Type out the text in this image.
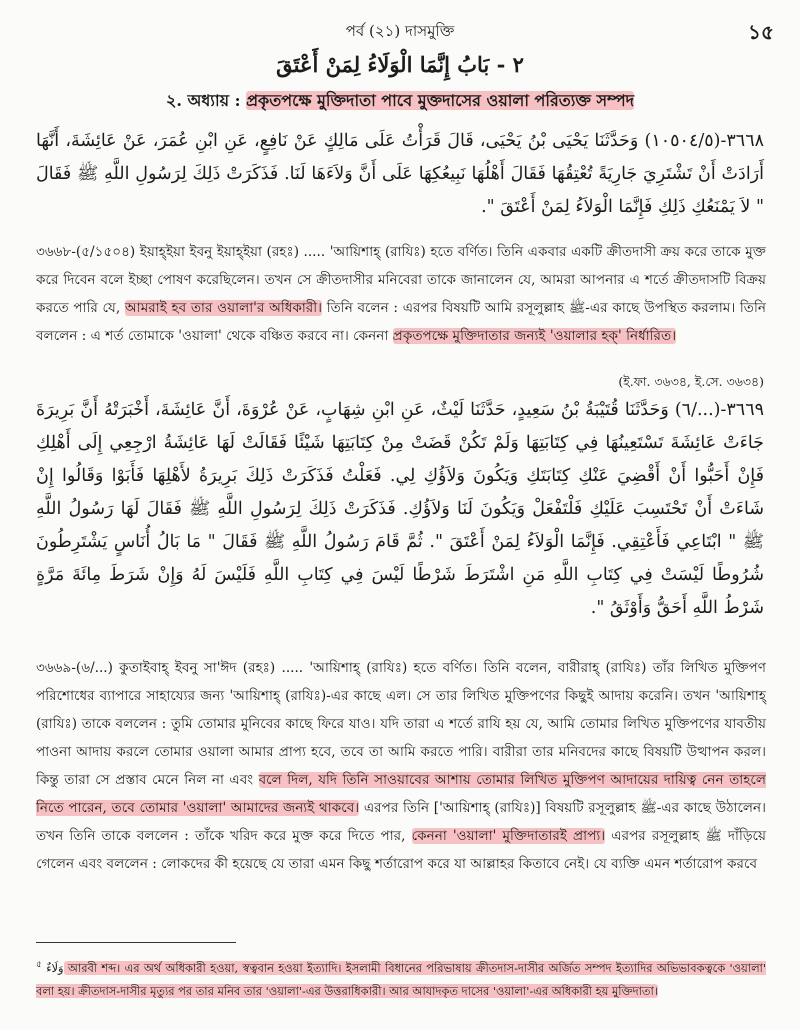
পর্ব (২১) দাসমুক্তি	১৫
٢ - بَابُ إِنَّمَا الْوَلَاءُ لِمَنْ أَعْتَقَ
২. অধ্যায় : প্রকৃতপক্ষে মুক্তিদাতা পাবে মুক্তদাসের ওয়ালা পরিত্যক্ত সম্পদ
٣٦٦٨-(١٠٥٠٤/٥) وَحَدَّثَنَا يَحْيَى بْنُ يَحْيَى، قَالَ قَرَأْتُ عَلَى مَالِكٍ عَنْ نَافِعٍ، عَنِ ابْنِ عُمَرَ، عَنْ عَائِشَةَ، أَنَّهَا أَرَادَتْ أَنْ تَشْتَرِيَ جَارِيَةً تُعْتِقُهَا فَقَالَ أَهْلُهَا نَبِيعُكِهَا عَلَى أَنَّ وَلاَءَهَا لَنَا. فَذَكَرَتْ ذَلِكَ لِرَسُولِ اللَّهِ ﷺ فَقَالَ " لاَ يَمْنَعُكِ ذَلِكِ فَإِنَّمَا الْوَلاَءُ لِمَنْ أَعْتَقَ ".
৩৬৬৮-(৫/১৫০৪) ইয়াহ্ইয়া ইবনু ইয়াহ্ইয়া (রহঃ) ..... 'আয়িশাহ্ (রাযিঃ) হতে বর্ণিত। তিনি একবার একটি ক্রীতদাসী ক্রয় করে তাকে মুক্ত করে দিবেন বলে ইচ্ছা পোষণ করেছিলেন। তখন সে ক্রীতদাসীর মনিবেরা তাকে জানালেন যে, আমরা আপনার এ শর্তে ক্রীতদাসটি বিক্রয় করতে পারি যে, আমরাই হব তার ওয়ালা'র অধিকারী। তিনি বলেন : এরপর বিষয়টি আমি রসূলুল্লাহ ﷺ-এর কাছে উপস্থিত করলাম। তিনি বললেন : এ শর্ত তোমাকে 'ওয়ালা' থেকে বঞ্চিত করবে না। কেননা প্রকৃতপক্ষে মুক্তিদাতার জন্যই 'ওয়ালার হক্' নির্ধারিত।
(ই.ফা. ৩৬৩৪, ই.সে. ৩৬৩৪)
٣٦٦٩-(.../٦) وَحَدَّثَنَا قُتَيْبَةُ بْنُ سَعِيدٍ، حَدَّثَنَا لَيْثٌ، عَنِ ابْنِ شِهَابٍ، عَنْ عُرْوَةَ، أَنَّ عَائِشَةَ، أَخْبَرَتْهُ أَنَّ بَرِيرَةَ جَاءَتْ عَائِشَةَ تَسْتَعِينُهَا فِي كِتَابَتِهَا وَلَمْ تَكُنْ قَضَتْ مِنْ كِتَابَتِهَا شَيْئًا فَقَالَتْ لَهَا عَائِشَةُ ارْجِعِي إِلَى أَهْلِكِ فَإِنْ أَحَبُّوا أَنْ أَقْضِيَ عَنْكِ كِتَابَتَكِ وَيَكُونَ وَلاَؤُكِ لِي. فَعَلْتُ فَذَكَرَتْ ذَلِكَ بَرِيرَةُ لأَهْلِهَا فَأَبَوْا وَقَالُوا إِنْ شَاءَتْ أَنْ تَحْتَسِبَ عَلَيْكِ فَلْتَفْعَلْ وَيَكُونَ لَنَا وَلاَؤُكِ. فَذَكَرَتْ ذَلِكَ لِرَسُولِ اللَّهِ ﷺ فَقَالَ لَهَا رَسُولُ اللَّهِ ﷺ " ابْتَاعِي فَأَعْتِقِي. فَإِنَّمَا الْوَلاَءُ لِمَنْ أَعْتَقَ ". ثُمَّ قَامَ رَسُولُ اللَّهِ ﷺ فَقَالَ " مَا بَالُ أُنَاسٍ يَشْتَرِطُونَ شُرُوطًا لَيْسَتْ فِي كِتَابِ اللَّهِ مَنِ اشْتَرَطَ شَرْطًا لَيْسَ فِي كِتَابِ اللَّهِ فَلَيْسَ لَهُ وَإِنْ شَرَطَ مِائَةَ مَرَّةٍ شَرْطُ اللَّهِ أَحَقُّ وَأَوْثَقُ ".
৩৬৬৯-(৬/...) কুতাইবাহ্ ইবনু সা'ঈদ (রহঃ) ..... 'আয়িশাহ্ (রাযিঃ) হতে বর্ণিত। তিনি বলেন, বারীরাহ্ (রাযিঃ) তাঁর লিখিত মুক্তিপণ পরিশোধের ব্যাপারে সাহায্যের জন্য 'আয়িশাহ্ (রাযিঃ)-এর কাছে এল। সে তার লিখিত মুক্তিপণের কিছুই আদায় করেনি। তখন 'আয়িশাহ্ (রাযিঃ) তাকে বললেন : তুমি তোমার মুনিবের কাছে ফিরে যাও। যদি তারা এ শর্তে রাযি হয় যে, আমি তোমার লিখিত মুক্তিপণের যাবতীয় পাওনা আদায় করলে তোমার ওয়ালা আমার প্রাপ্য হবে, তবে তা আমি করতে পারি। বারীরা তার মনিবদের কাছে বিষয়টি উত্থাপন করল। কিন্তু তারা সে প্রস্তাব মেনে নিল না এবং বলে দিল, যদি তিনি সাওয়াবের আশায় তোমার লিখিত মুক্তিপণ আদায়ের দায়িত্ব নেন তাহলে নিতে পারেন, তবে তোমার 'ওয়ালা' আমাদের জন্যই থাকবে। এরপর তিনি ['আয়িশাহ্ (রাযিঃ)] বিষয়টি রসূলুল্লাহ ﷺ-এর কাছে উঠালেন। তখন তিনি তাকে বললেন : তাঁকে খরিদ করে মুক্ত করে দিতে পার, কেননা 'ওয়ালা' মুক্তিদাতারই প্রাপ্য। এরপর রসূলুল্লাহ ﷺ দাঁড়িয়ে গেলেন এবং বললেন : লোকদের কী হয়েছে যে তারা এমন কিছু শর্তারোপ করে যা আল্লাহর কিতাবে নেই। যে ব্যক্তি এমন শর্তারোপ করবে
$^৫$ وَلَاءٌ আরবী শব্দ। এর অর্থ অধিকারী হওয়া, স্বত্ববান হওয়া ইত্যাদি। ইসলামী বিধানের পরিভাষায় ক্রীতদাস-দাসীর অর্জিত সম্পদ ইত্যাদির অভিভাবকত্বকে 'ওয়ালা' বলা হয়। ক্রীতদাস-দাসীর মৃত্যুর পর তার মনিব তার 'ওয়ালা'-এর উত্তরাধিকারী। আর আযাদকৃত দাসের 'ওয়ালা'-এর অধিকারী হয় মুক্তিদাতা।
